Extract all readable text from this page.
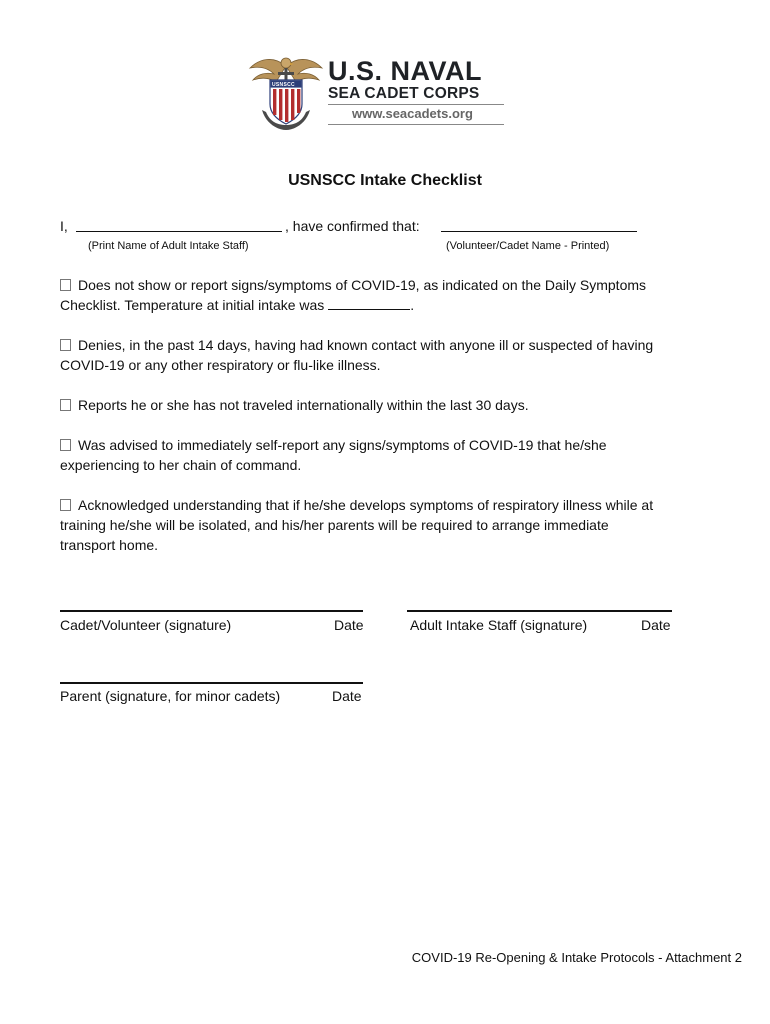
USNSCC U.S. NAVAL
SEA CADET CORPS
www.seacadets.org
USNSCC Intake Checklist
I,	, have confirmed that:
(Print Name of Adult Intake Staff)	(Volunteer/Cadet Name - Printed)
Does not show or report signs/symptoms of COVID-19, as indicated on the Daily Symptoms
Checklist. Temperature at initial intake was	.
Denies, in the past 14 days, having had known contact with anyone ill or suspected of having
COVID-19 or any other respiratory or flu-like illness.
Reports he or she has not traveled internationally within the last 30 days.
Was advised to immediately self-report any signs/symptoms of COVID-19 that he/she
experiencing to her chain of command.
Acknowledged understanding that if he/she develops symptoms of respiratory illness while at
training he/she will be isolated, and his/her parents will be required to arrange immediate
transport home.
Cadet/Volunteer (signature)	Date	Adult Intake Staff (signature)	Date
Parent (signature, for minor cadets)	Date
COVID-19 Re-Opening & Intake Protocols - Attachment 2
